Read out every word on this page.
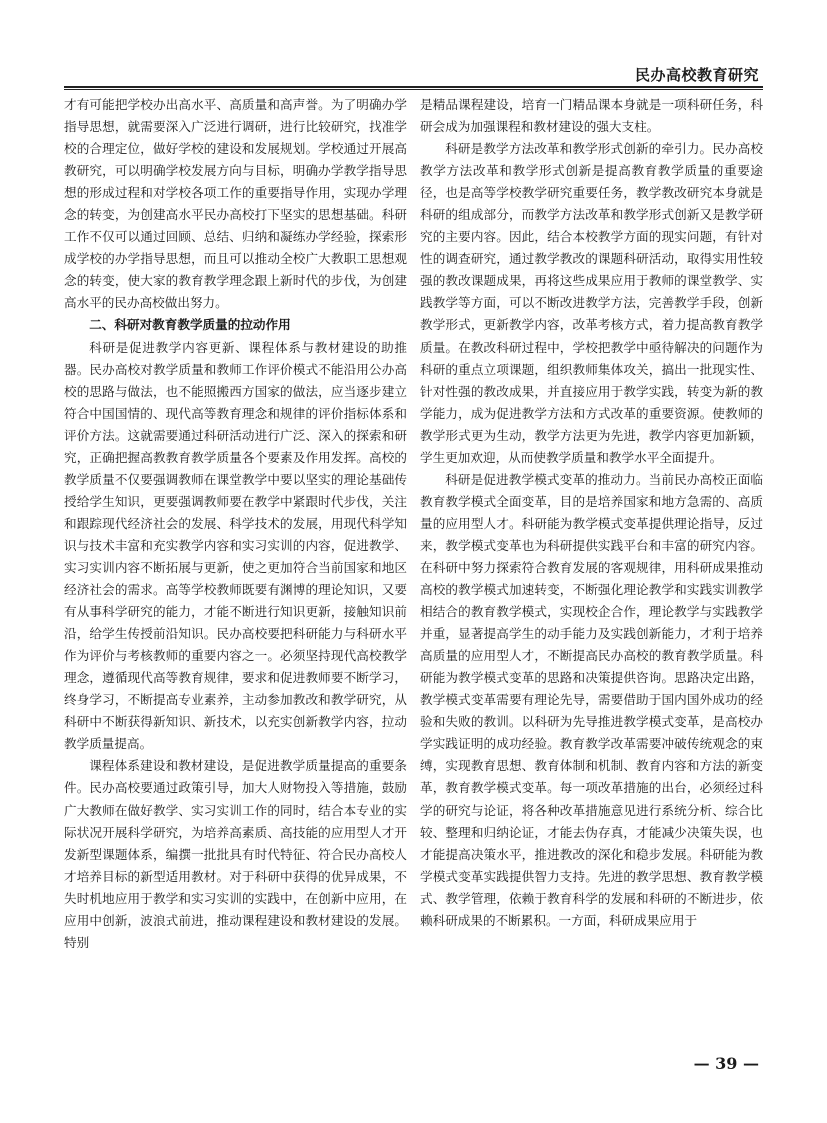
民办高校教育研究

才有可能把学校办出高水平、高质量和高声誉。为了明确办学指导思想，就需要深入广泛进行调研，进行比较研究，找准学校的合理定位，做好学校的建设和发展规划。学校通过开展高教研究，可以明确学校发展方向与目标，明确办学教学指导思想的形成过程和对学校各项工作的重要指导作用，实现办学理念的转变，为创建高水平民办高校打下坚实的思想基础。科研工作不仅可以通过回顾、总结、归纳和凝练办学经验，探索形成学校的办学指导思想，而且可以推动全校广大教职工思想观念的转变，使大家的教育教学理念跟上新时代的步伐，为创建高水平的民办高校做出努力。

二、科研对教育教学质量的拉动作用

科研是促进教学内容更新、课程体系与教材建设的助推器。民办高校对教学质量和教师工作评价模式不能沿用公办高校的思路与做法，也不能照搬西方国家的做法，应当逐步建立符合中国国情的、现代高等教育理念和规律的评价指标体系和评价方法。这就需要通过科研活动进行广泛、深入的探索和研究，正确把握高教教育教学质量各个要素及作用发挥。高校的教学质量不仅要强调教师在课堂教学中要以坚实的理论基础传授给学生知识，更要强调教师要在教学中紧跟时代步伐，关注和跟踪现代经济社会的发展、科学技术的发展，用现代科学知识与技术丰富和充实教学内容和实习实训的内容，促进教学、实习实训内容不断拓展与更新，使之更加符合当前国家和地区经济社会的需求。高等学校教师既要有渊博的理论知识，又要有从事科学研究的能力，才能不断进行知识更新，接触知识前沿，给学生传授前沿知识。民办高校要把科研能力与科研水平作为评价与考核教师的重要内容之一。必须坚持现代高校教学理念，遵循现代高等教育规律，要求和促进教师要不断学习，终身学习，不断提高专业素养，主动参加教改和教学研究，从科研中不断获得新知识、新技术，以充实创新教学内容，拉动教学质量提高。

课程体系建设和教材建设，是促进教学质量提高的重要条件。民办高校要通过政策引导，加大人财物投入等措施，鼓励广大教师在做好教学、实习实训工作的同时，结合本专业的实际状况开展科学研究，为培养高素质、高技能的应用型人才开发新型课题体系，编撰一批批具有时代特征、符合民办高校人才培养目标的新型适用教材。对于科研中获得的优异成果，不失时机地应用于教学和实习实训的实践中，在创新中应用，在应用中创新，波浪式前进，推动课程建设和教材建设的发展。特别

是精品课程建设，培育一门精品课本身就是一项科研任务，科研会成为加强课程和教材建设的强大支柱。

科研是教学方法改革和教学形式创新的牵引力。民办高校教学方法改革和教学形式创新是提高教育教学质量的重要途径，也是高等学校教学研究重要任务，教学教改研究本身就是科研的组成部分，而教学方法改革和教学形式创新又是教学研究的主要内容。因此，结合本校教学方面的现实问题，有针对性的调查研究，通过教学教改的课题科研活动，取得实用性较强的教改课题成果，再将这些成果应用于教师的课堂教学、实践教学等方面，可以不断改进教学方法，完善教学手段，创新教学形式，更新教学内容，改革考核方式，着力提高教育教学质量。在教改科研过程中，学校把教学中亟待解决的问题作为科研的重点立项课题，组织教师集体攻关，搞出一批现实性、针对性强的教改成果，并直接应用于教学实践，转变为新的教学能力，成为促进教学方法和方式改革的重要资源。使教师的教学形式更为生动，教学方法更为先进，教学内容更加新颖，学生更加欢迎，从而使教学质量和教学水平全面提升。

科研是促进教学模式变革的推动力。当前民办高校正面临教育教学模式全面变革，目的是培养国家和地方急需的、高质量的应用型人才。科研能为教学模式变革提供理论指导，反过来，教学模式变革也为科研提供实践平台和丰富的研究内容。在科研中努力探索符合教育发展的客观规律，用科研成果推动高校的教学模式加速转变，不断强化理论教学和实践实训教学相结合的教育教学模式，实现校企合作，理论教学与实践教学并重，显著提高学生的动手能力及实践创新能力，才利于培养高质量的应用型人才，不断提高民办高校的教育教学质量。科研能为教学模式变革的思路和决策提供咨询。思路决定出路，教学模式变革需要有理论先导，需要借助于国内国外成功的经验和失败的教训。以科研为先导推进教学模式变革，是高校办学实践证明的成功经验。教育教学改革需要冲破传统观念的束缚，实现教育思想、教育体制和机制、教育内容和方法的新变革，教育教学模式变革。每一项改革措施的出台，必须经过科学的研究与论证，将各种改革措施意见进行系统分析、综合比较、整理和归纳论证，才能去伪存真，才能减少决策失误，也才能提高决策水平，推进教改的深化和稳步发展。科研能为教学模式变革实践提供智力支持。先进的教学思想、教育教学模式、教学管理，依赖于教育科学的发展和科研的不断进步，依赖科研成果的不断累积。一方面，科研成果应用于

— 39 —
